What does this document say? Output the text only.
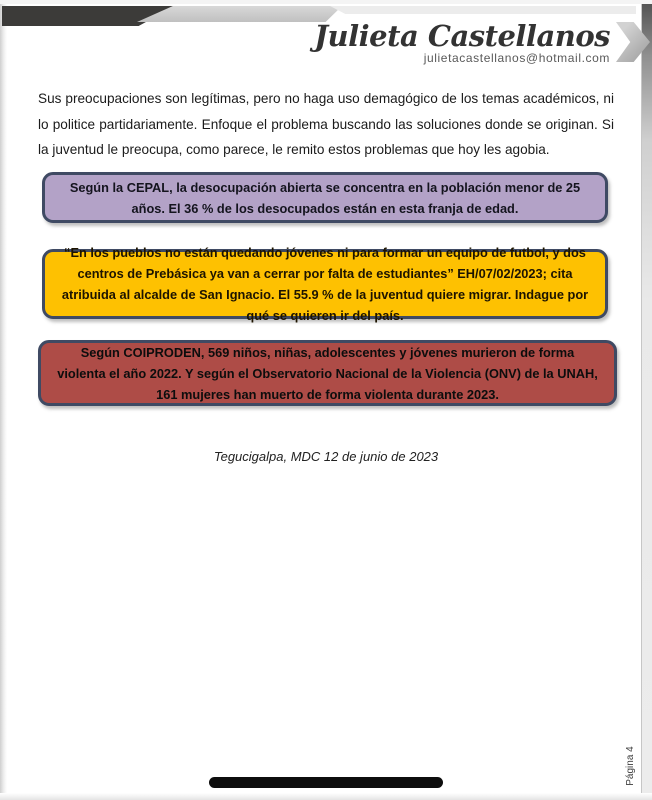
Julieta Castellanos
julietacastellanos@hotmail.com
Sus preocupaciones son legítimas, pero no haga uso demagógico de los temas académicos, ni lo politice partidariamente. Enfoque el problema buscando las soluciones donde se originan. Si la juventud le preocupa, como parece, le remito estos problemas que hoy les agobia.
Según la CEPAL, la desocupación abierta se concentra en la población menor de 25 años. El 36 % de los desocupados están en esta franja de edad.
“En los pueblos no están quedando jóvenes ni para formar un equipo de futbol, y dos centros de Prebásica ya van a cerrar por falta de estudiantes” EH/07/02/2023; cita atribuida al alcalde de San Ignacio. El 55.9 % de la juventud quiere migrar. Indague por qué se quieren ir del país.
Según COIPRODEN, 569 niños, niñas, adolescentes y jóvenes murieron de forma violenta el año 2022. Y según el Observatorio Nacional de la Violencia (ONV) de la UNAH, 161 mujeres han muerto de forma violenta durante 2023.
Tegucigalpa, MDC 12 de junio de 2023
Página 4
